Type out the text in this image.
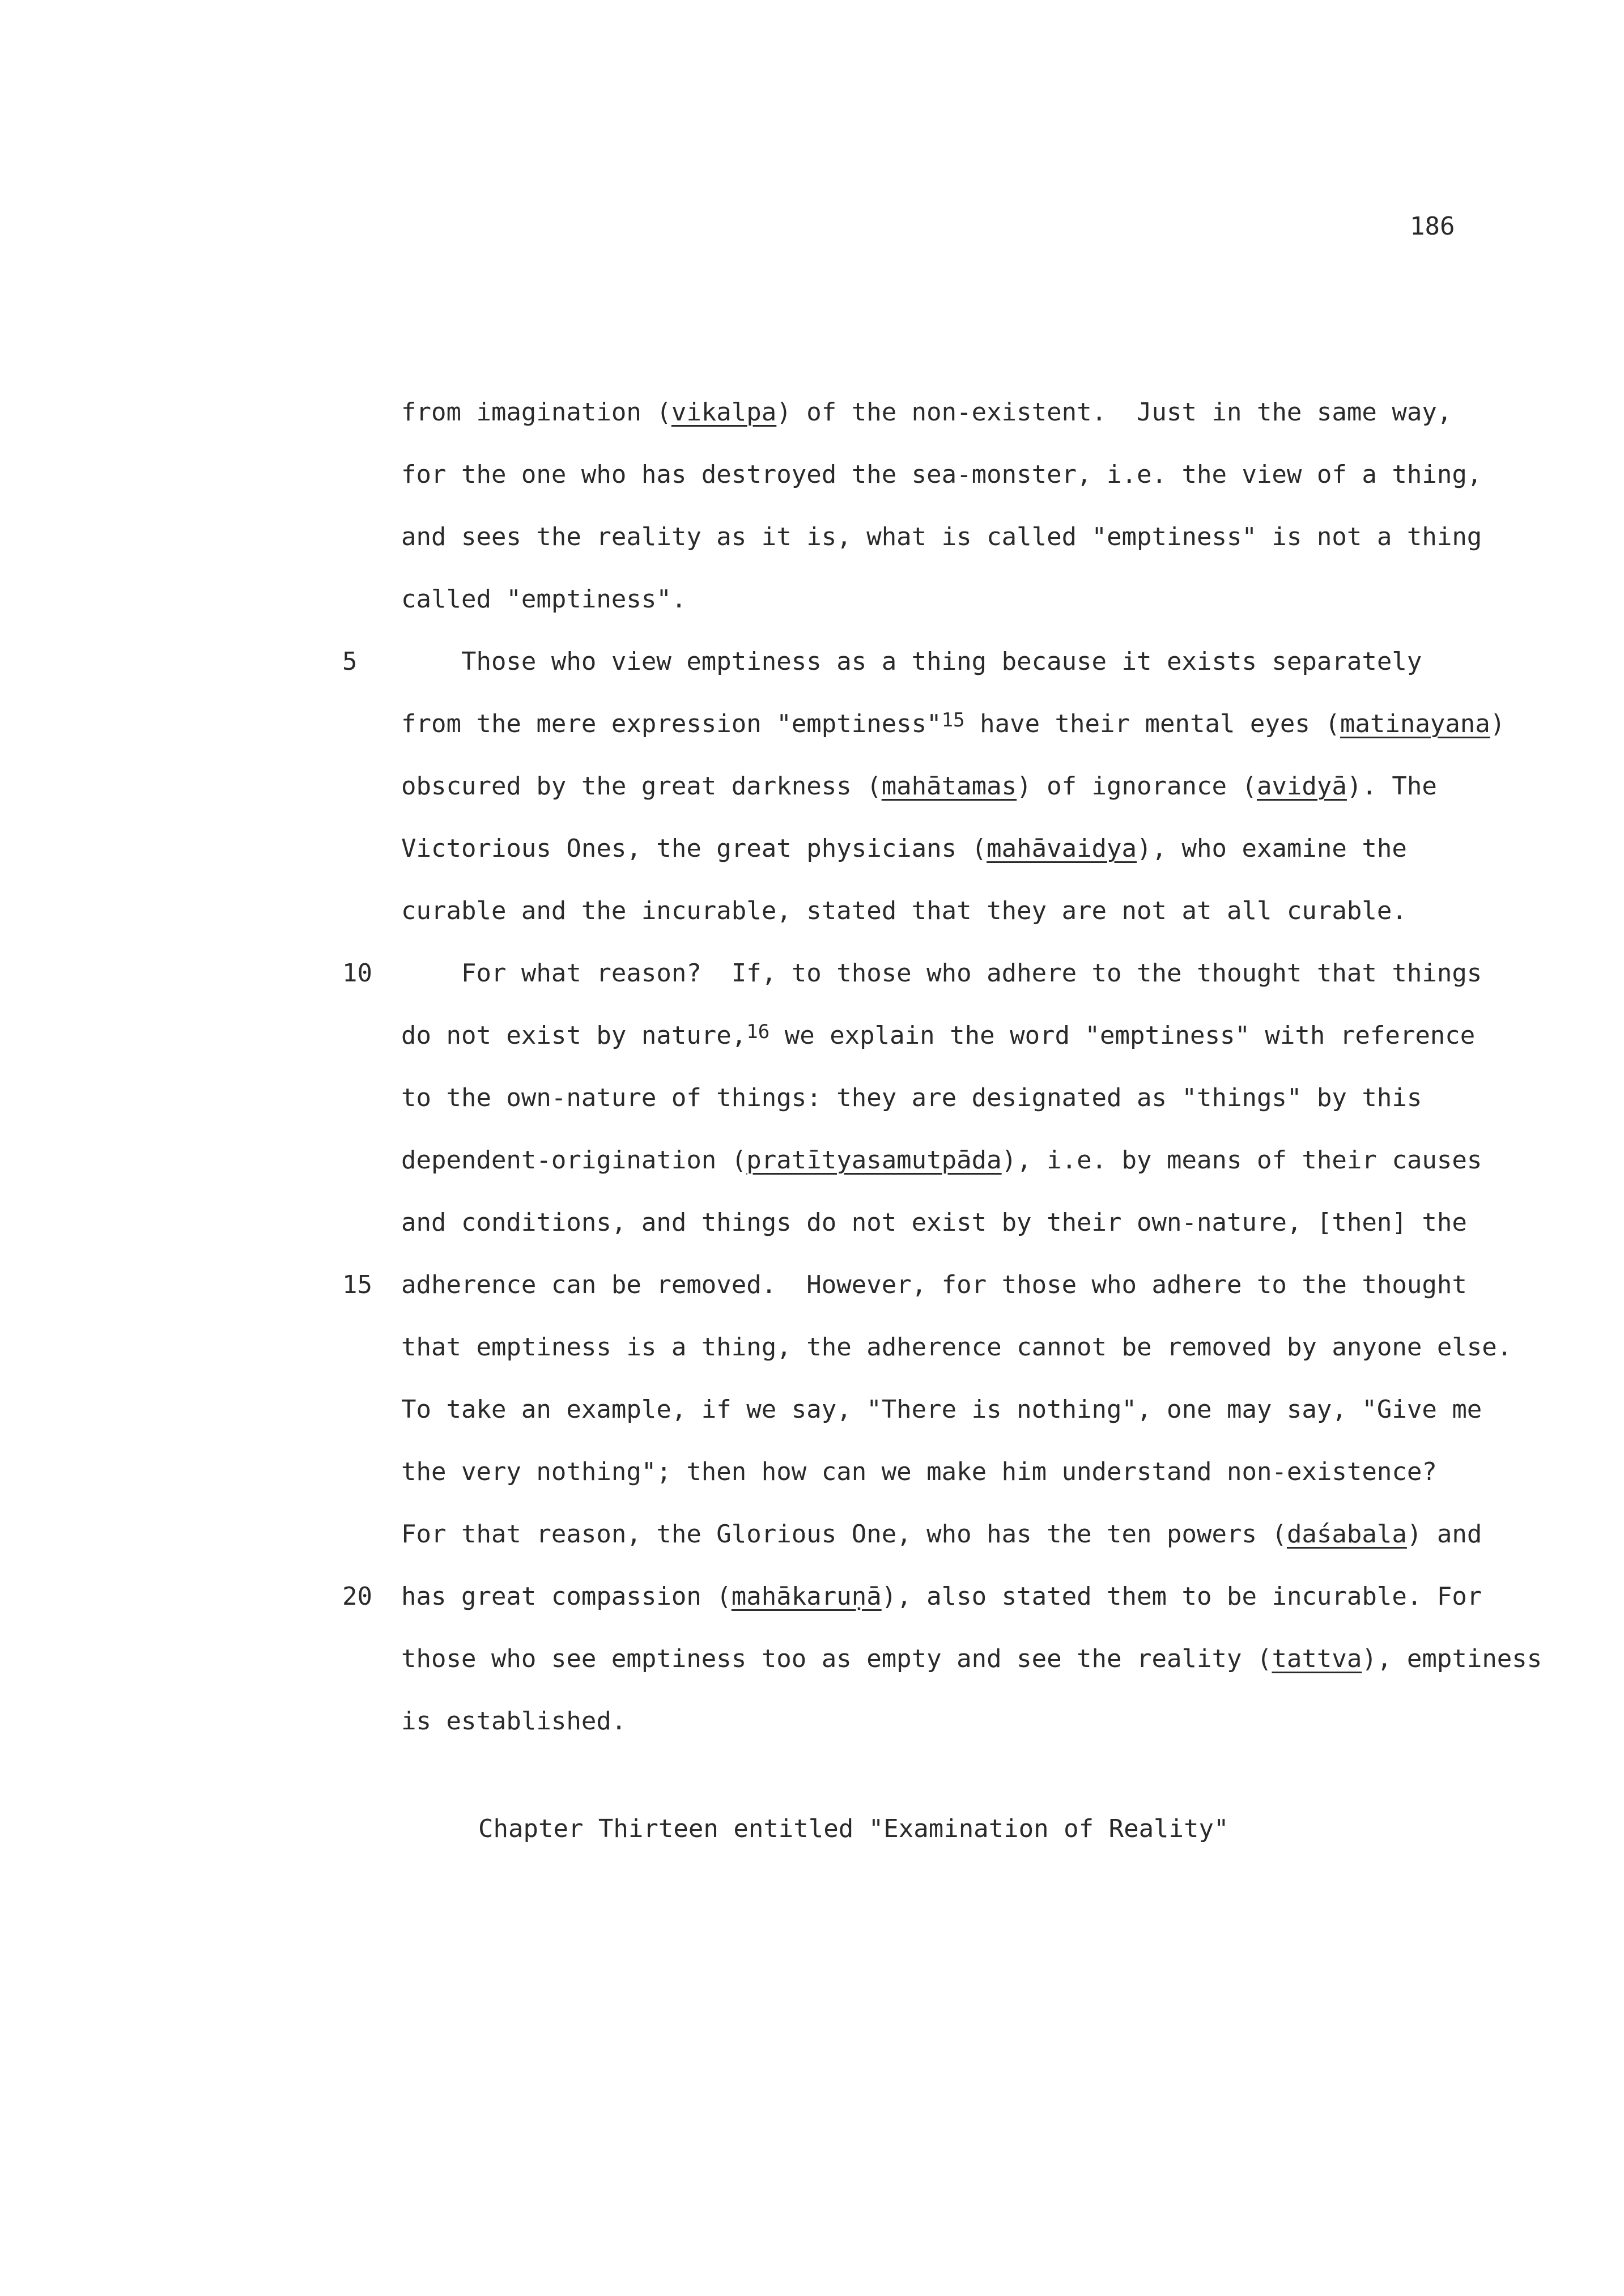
186
from imagination (vikalpa) of the non-existent.  Just in the same way,
for the one who has destroyed the sea-monster, i.e. the view of a thing,
and sees the reality as it is, what is called "emptiness" is not a thing
called "emptiness".
5 Those who view emptiness as a thing because it exists separately
from the mere expression "emptiness"$^{15}$ have their mental eyes (matinayana)
obscured by the great darkness (mahātamas) of ignorance (avidyā). The
Victorious Ones, the great physicians (mahāvaidya), who examine the
curable and the incurable, stated that they are not at all curable.
10 For what reason?  If, to those who adhere to the thought that things
do not exist by nature,$^{16}$ we explain the word "emptiness" with reference
to the own-nature of things: they are designated as "things" by this
dependent-origination (pratītyasamutpāda), i.e. by means of their causes
and conditions, and things do not exist by their own-nature, [then] the
15 adherence can be removed.  However, for those who adhere to the thought
that emptiness is a thing, the adherence cannot be removed by anyone else.
To take an example, if we say, "There is nothing", one may say, "Give me
the very nothing"; then how can we make him understand non-existence?
For that reason, the Glorious One, who has the ten powers (daśabala) and
20 has great compassion (mahākaruṇā), also stated them to be incurable. For
those who see emptiness too as empty and see the reality (tattva), emptiness
is established.
Chapter Thirteen entitled "Examination of Reality"
